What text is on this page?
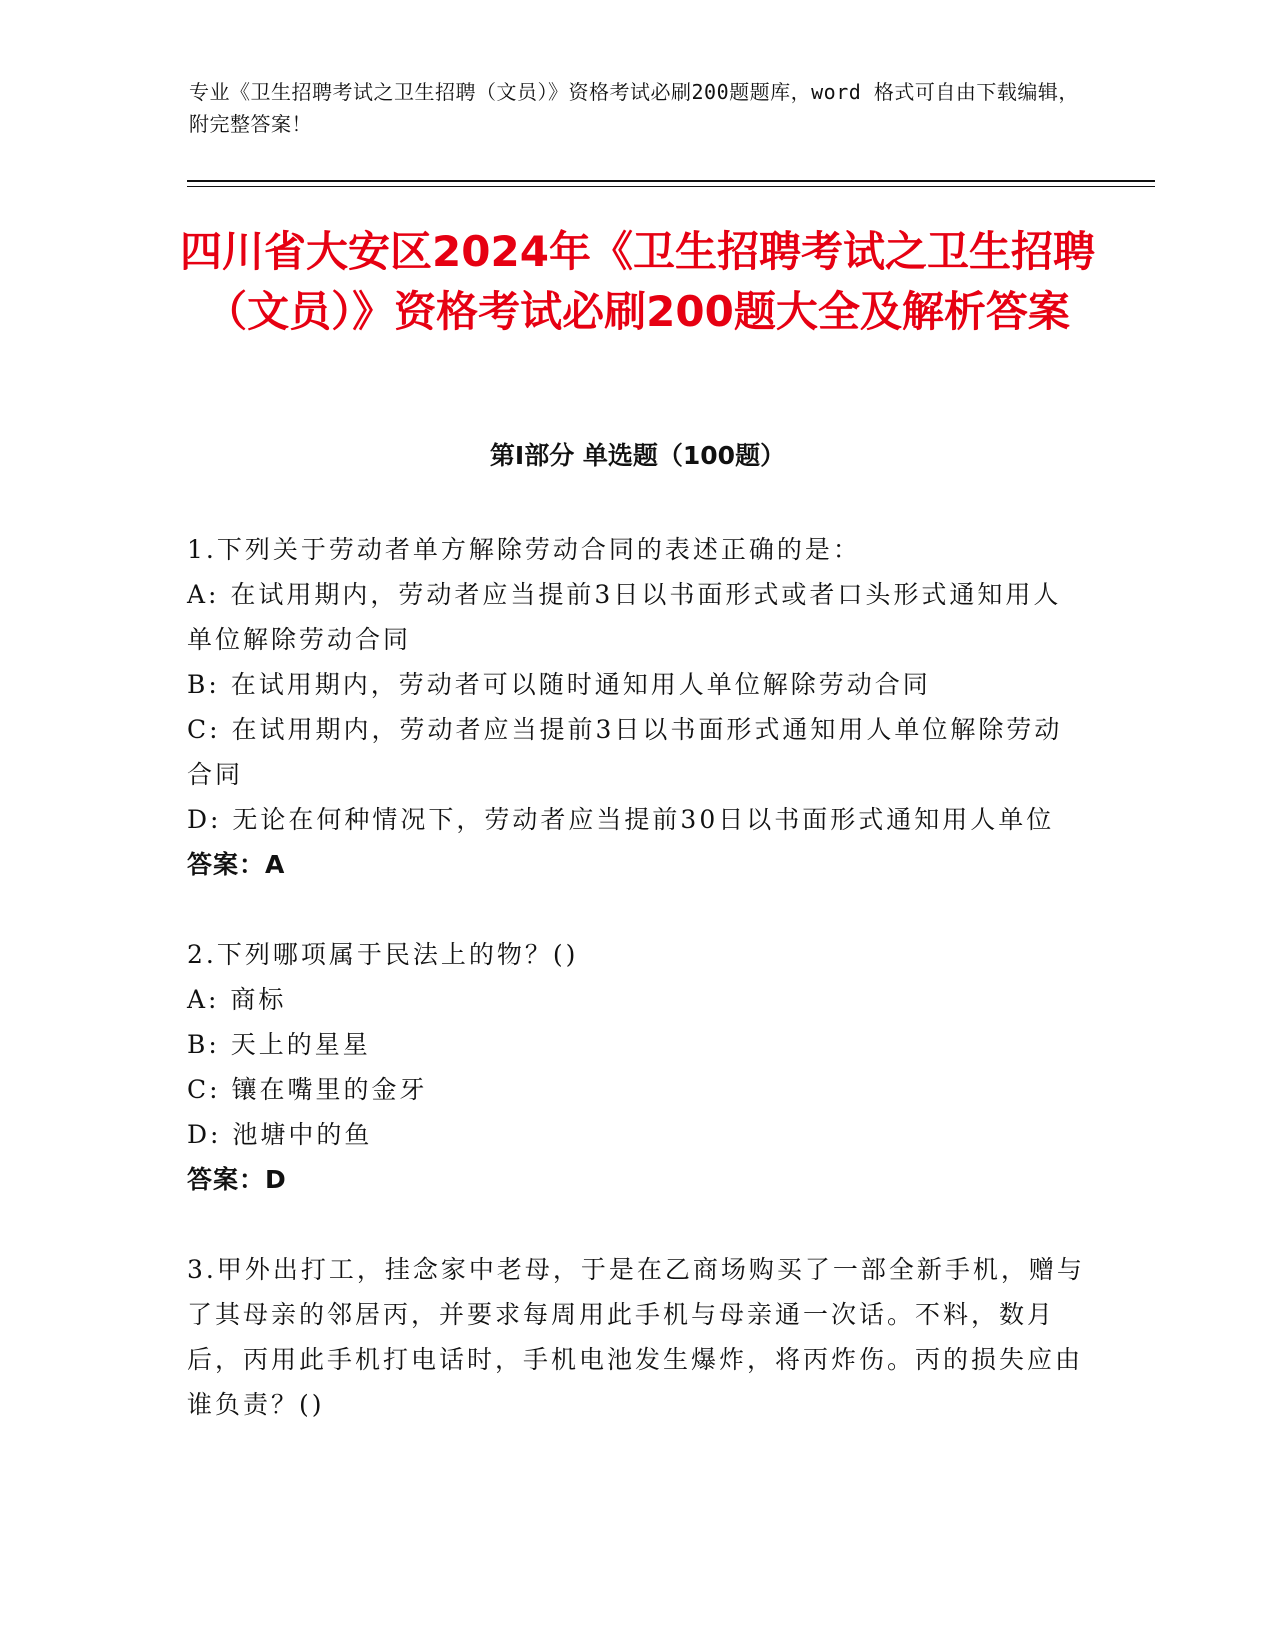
专业《卫生招聘考试之卫生招聘（文员）》资格考试必刷200题题库，word 格式可自由下载编辑，附完整答案！
四川省大安区2024年《卫生招聘考试之卫生招聘（文员）》资格考试必刷200题大全及解析答案
第Ⅰ部分 单选题（100题）
1.下列关于劳动者单方解除劳动合同的表述正确的是：
A: 在试用期内，劳动者应当提前3日以书面形式或者口头形式通知用人单位解除劳动合同
B: 在试用期内，劳动者可以随时通知用人单位解除劳动合同
C: 在试用期内，劳动者应当提前3日以书面形式通知用人单位解除劳动合同
D: 无论在何种情况下，劳动者应当提前30日以书面形式通知用人单位
答案：A
2.下列哪项属于民法上的物？()
A: 商标
B: 天上的星星
C: 镶在嘴里的金牙
D: 池塘中的鱼
答案：D
3.甲外出打工，挂念家中老母，于是在乙商场购买了一部全新手机，赠与了其母亲的邻居丙，并要求每周用此手机与母亲通一次话。不料，数月后，丙用此手机打电话时，手机电池发生爆炸，将丙炸伤。丙的损失应由谁负责？()
